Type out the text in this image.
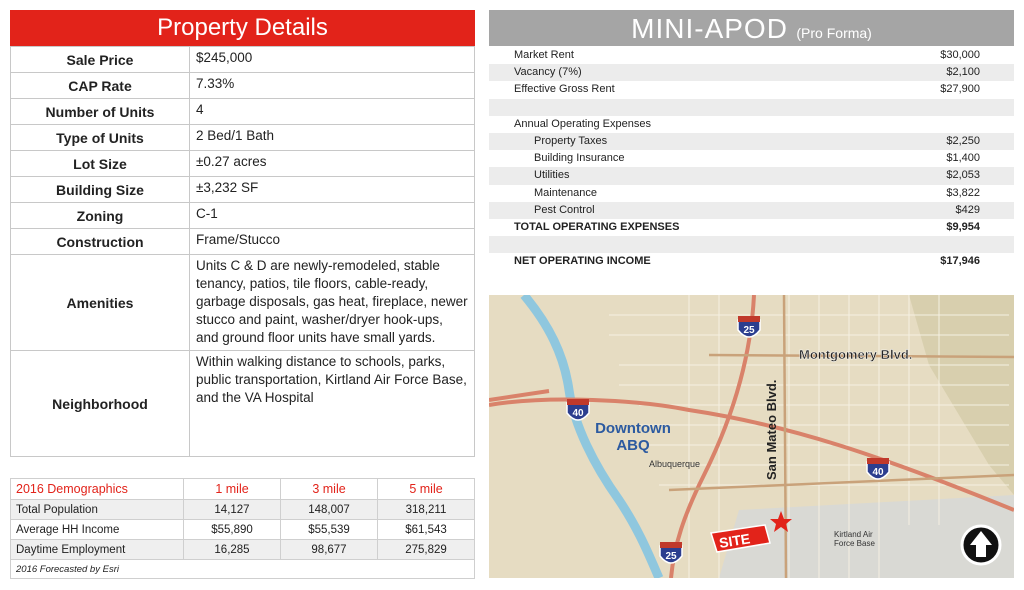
Property Details
Sale Price	$245,000
CAP Rate	7.33%
Number of Units	4
Type of Units	2 Bed/1 Bath
Lot Size	±0.27 acres
Building Size	±3,232 SF
Zoning	C-1
Construction	Frame/Stucco
Amenities	Units C & D are newly-remodeled, stable tenancy, patios, tile floors, cable-ready, garbage disposals, gas heat, fireplace, newer stucco and paint, washer/dryer hook-ups, and ground floor units have small yards.
Neighborhood	Within walking distance to schools, parks, public transportation, Kirtland Air Force Base, and the VA Hospital
2016 Demographics	1 mile	3 mile	5 mile
Total Population	14,127	148,007	318,211
Average HH Income	$55,890	$55,539	$61,543
Daytime Employment	16,285	98,677	275,829
2016 Forecasted by Esri			
MINI-APOD (Pro Forma)
Market Rent	$30,000
Vacancy (7%)	$2,100
Effective Gross Rent	$27,900
Annual Operating Expenses
Property Taxes	$2,250
Building Insurance	$1,400
Utilities	$2,053
Maintenance	$3,822
Pest Control	$429
TOTAL OPERATING EXPENSES	$9,954
NET OPERATING INCOME	$17,946
40
25
40
25
Downtown
ABQ
Albuquerque
Montgomery Blvd.
San Mateo Blvd.
Kirtland Air
Force Base
SITE
